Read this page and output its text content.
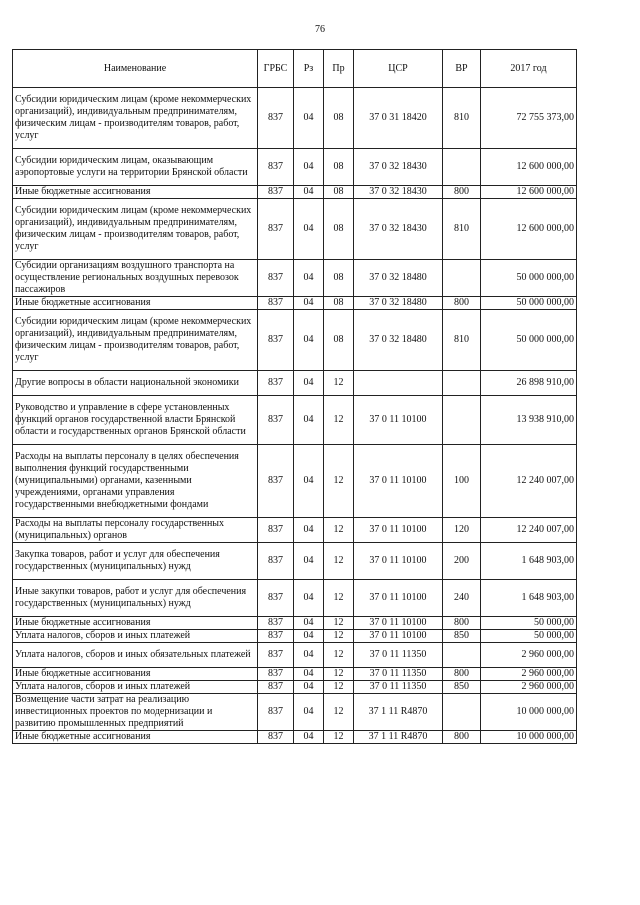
76
Наименование	ГРБС	Рз	Пр	ЦСР	ВР	2017 год
Субсидии юридическим лицам (кроме некоммерческих организаций), индивидуальным предпринимателям, физическим лицам - производителям товаров, работ, услуг	837	04	08	37 0 31 18420	810	72 755 373,00
Субсидии юридическим лицам, оказывающим аэропортовые услуги на территории Брянской области	837	04	08	37 0 32 18430		12 600 000,00
Иные бюджетные ассигнования	837	04	08	37 0 32 18430	800	12 600 000,00
Субсидии юридическим лицам (кроме некоммерческих организаций), индивидуальным предпринимателям, физическим лицам - производителям товаров, работ, услуг	837	04	08	37 0 32 18430	810	12 600 000,00
Субсидии организациям воздушного транспорта на осуществление региональных воздушных перевозок пассажиров	837	04	08	37 0 32 18480		50 000 000,00
Иные бюджетные ассигнования	837	04	08	37 0 32 18480	800	50 000 000,00
Субсидии юридическим лицам (кроме некоммерческих организаций), индивидуальным предпринимателям, физическим лицам - производителям товаров, работ, услуг	837	04	08	37 0 32 18480	810	50 000 000,00
Другие вопросы в области национальной экономики	837	04	12			26 898 910,00
Руководство и управление в сфере установленных функций органов государственной власти Брянской области и государственных органов Брянской области	837	04	12	37 0 11 10100		13 938 910,00
Расходы на выплаты персоналу в целях обеспечения выполнения функций государственными (муниципальными) органами, казенными учреждениями, органами управления государственными внебюджетными фондами	837	04	12	37 0 11 10100	100	12 240 007,00
Расходы на выплаты персоналу государственных (муниципальных) органов	837	04	12	37 0 11 10100	120	12 240 007,00
Закупка товаров, работ и услуг для обеспечения государственных (муниципальных) нужд	837	04	12	37 0 11 10100	200	1 648 903,00
Иные закупки товаров, работ и услуг для обеспечения государственных (муниципальных) нужд	837	04	12	37 0 11 10100	240	1 648 903,00
Иные бюджетные ассигнования	837	04	12	37 0 11 10100	800	50 000,00
Уплата налогов, сборов и иных платежей	837	04	12	37 0 11 10100	850	50 000,00
Уплата налогов, сборов и иных обязательных платежей	837	04	12	37 0 11 11350		2 960 000,00
Иные бюджетные ассигнования	837	04	12	37 0 11 11350	800	2 960 000,00
Уплата налогов, сборов и иных платежей	837	04	12	37 0 11 11350	850	2 960 000,00
Возмещение части затрат на реализацию инвестиционных проектов по модернизации и развитию промышленных предприятий	837	04	12	37 1 11 R4870		10 000 000,00
Иные бюджетные ассигнования	837	04	12	37 1 11 R4870	800	10 000 000,00
